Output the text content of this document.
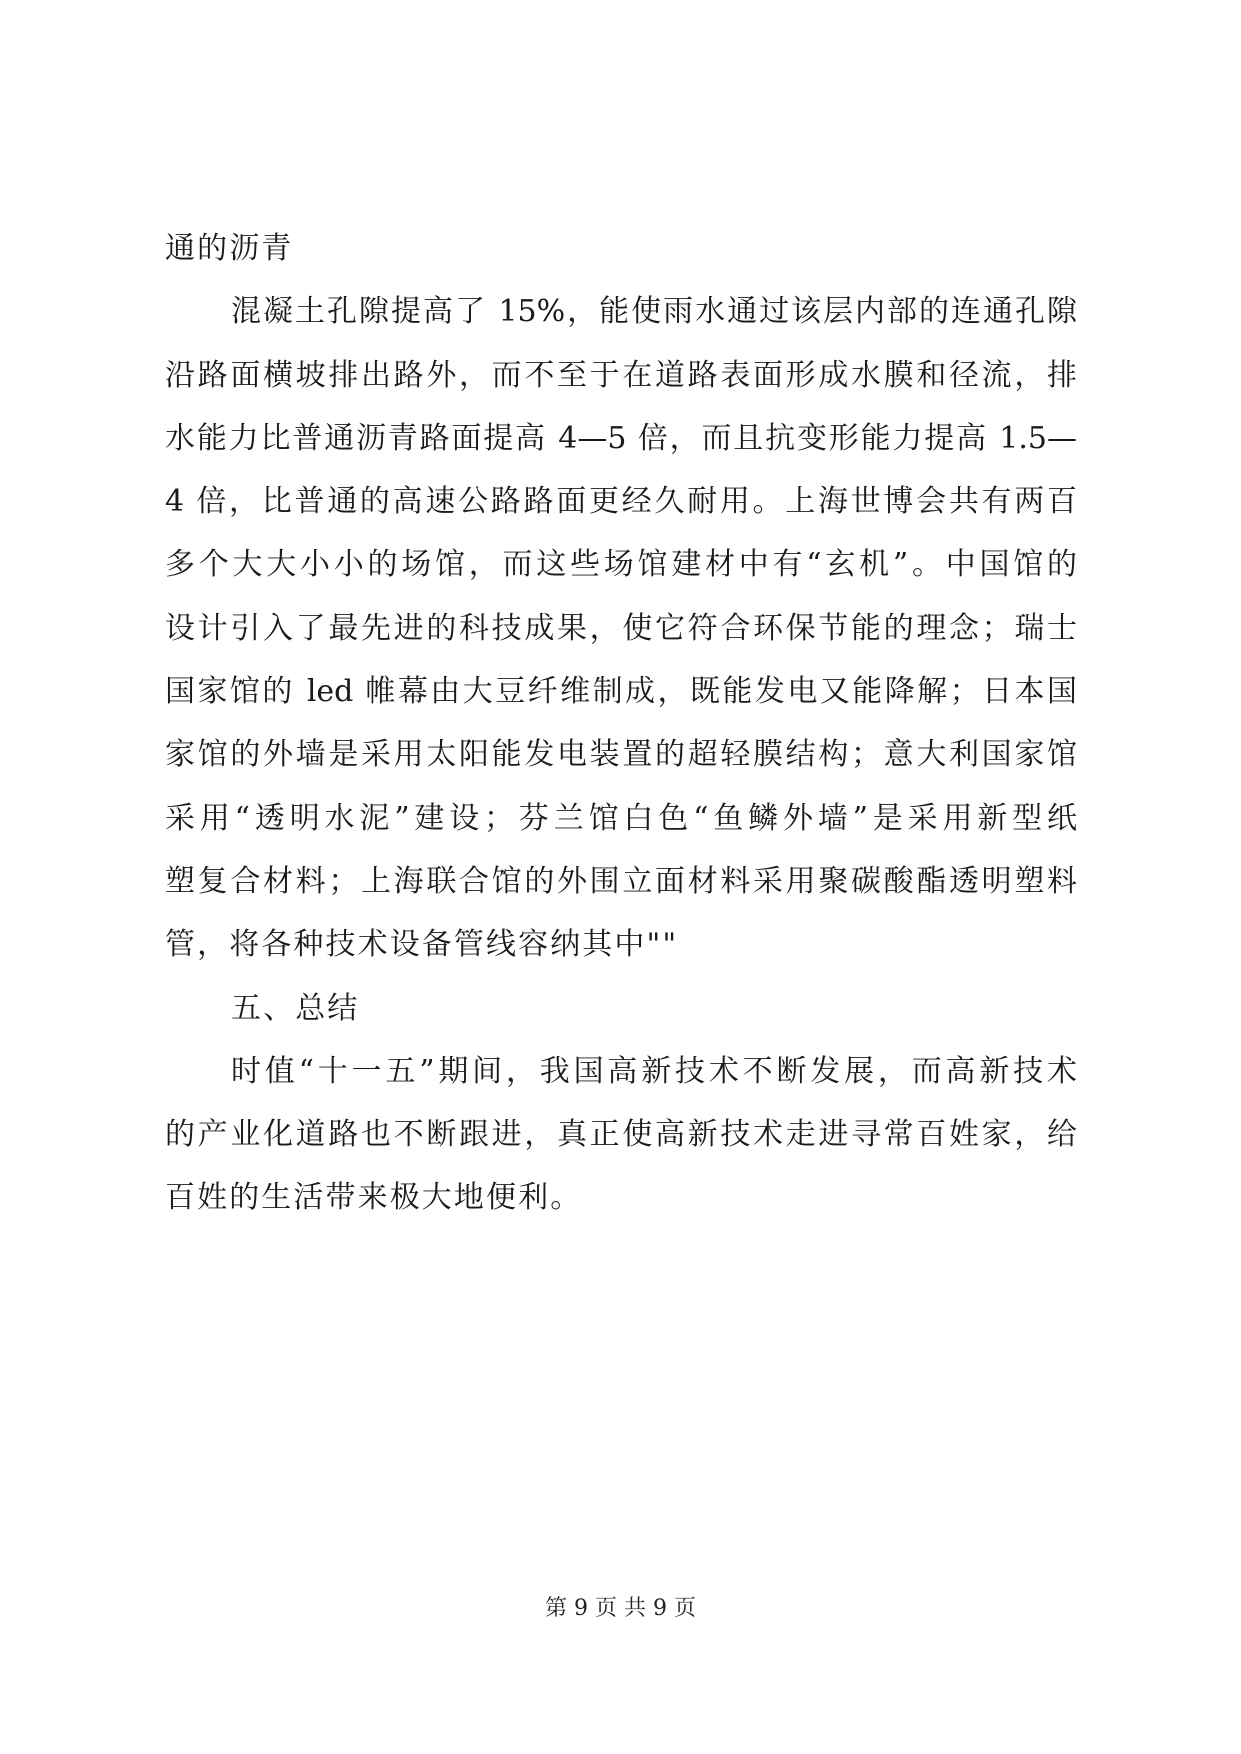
通的沥青
混凝土孔隙提高了 15%，能使雨水通过该层内部的连通孔隙
沿路面横坡排出路外，而不至于在道路表面形成水膜和径流，排
水能力比普通沥青路面提高 4—5 倍，而且抗变形能力提高 1.5—
4 倍，比普通的高速公路路面更经久耐用。上海世博会共有两百
多个大大小小的场馆，而这些场馆建材中有“玄机”。中国馆的
设计引入了最先进的科技成果，使它符合环保节能的理念；瑞士
国家馆的 led 帷幕由大豆纤维制成，既能发电又能降解；日本国
家馆的外墙是采用太阳能发电装置的超轻膜结构；意大利国家馆
采用“透明水泥”建设；芬兰馆白色“鱼鳞外墙”是采用新型纸
塑复合材料；上海联合馆的外围立面材料采用聚碳酸酯透明塑料
管，将各种技术设备管线容纳其中""
五、总结
时值“十一五”期间，我国高新技术不断发展，而高新技术
的产业化道路也不断跟进，真正使高新技术走进寻常百姓家，给
百姓的生活带来极大地便利。
第 9 页 共 9 页
